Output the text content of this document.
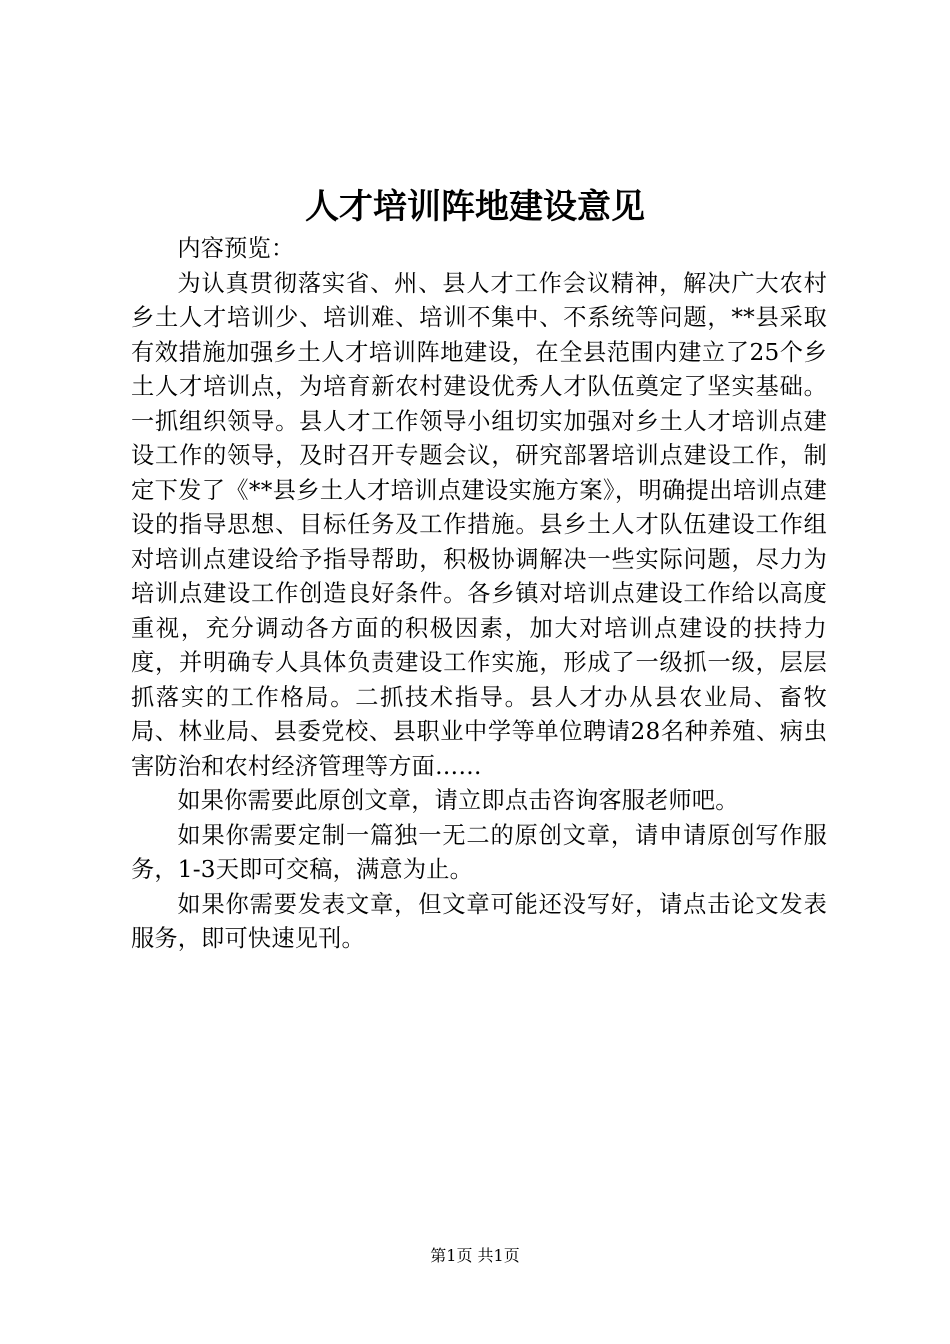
人才培训阵地建设意见

内容预览：

为认真贯彻落实省、州、县人才工作会议精神，解决广大农村乡土人才培训少、培训难、培训不集中、不系统等问题，**县采取有效措施加强乡土人才培训阵地建设，在全县范围内建立了25个乡土人才培训点，为培育新农村建设优秀人才队伍奠定了坚实基础。一抓组织领导。县人才工作领导小组切实加强对乡土人才培训点建设工作的领导，及时召开专题会议，研究部署培训点建设工作，制定下发了《**县乡土人才培训点建设实施方案》，明确提出培训点建设的指导思想、目标任务及工作措施。县乡土人才队伍建设工作组对培训点建设给予指导帮助，积极协调解决一些实际问题，尽力为培训点建设工作创造良好条件。各乡镇对培训点建设工作给以高度重视，充分调动各方面的积极因素，加大对培训点建设的扶持力度，并明确专人具体负责建设工作实施，形成了一级抓一级，层层抓落实的工作格局。二抓技术指导。县人才办从县农业局、畜牧局、林业局、县委党校、县职业中学等单位聘请28名种养殖、病虫害防治和农村经济管理等方面……

如果你需要此原创文章，请立即点击咨询客服老师吧。

如果你需要定制一篇独一无二的原创文章，请申请原创写作服务，1-3天即可交稿，满意为止。

如果你需要发表文章，但文章可能还没写好，请点击论文发表服务，即可快速见刊。

第1页 共1页
